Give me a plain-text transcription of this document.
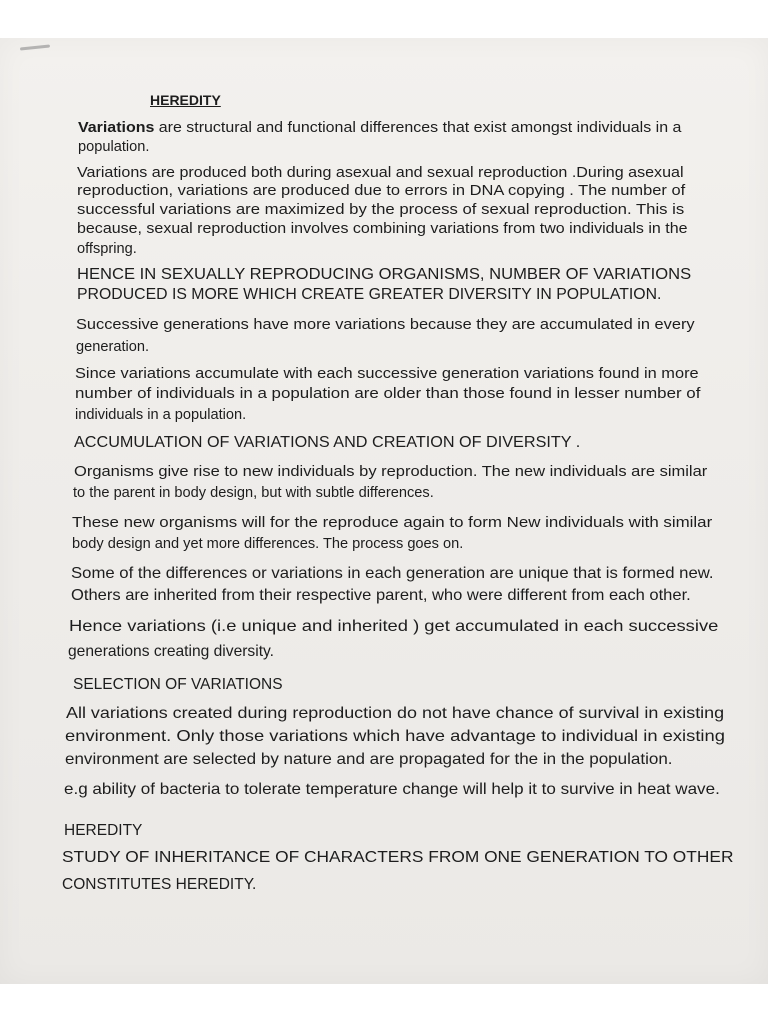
HEREDITY
Variations are structural and functional differences that exist amongst individuals in a
population.
Variations are produced both during asexual and sexual reproduction .During asexual
reproduction, variations are produced due to errors in DNA copying . The number of
successful variations are maximized by the process of sexual reproduction. This is
because, sexual reproduction involves combining variations from two individuals in the
offspring.
HENCE IN SEXUALLY REPRODUCING ORGANISMS, NUMBER OF VARIATIONS
PRODUCED IS MORE WHICH CREATE GREATER DIVERSITY IN POPULATION.
Successive generations have more variations because they are accumulated in every
generation.
Since variations accumulate with each successive generation variations found in more
number of individuals in a population are older than those found in lesser number of
individuals in a population.
ACCUMULATION OF VARIATIONS AND CREATION OF DIVERSITY .
Organisms give rise to new individuals by reproduction. The new individuals are similar
to the parent in body design, but with subtle differences.
These new organisms will for the reproduce again to form New individuals with similar
body design and yet more differences. The process goes on.
Some of the differences or variations in each generation are unique that is formed new.
Others are inherited from their respective parent, who were different from each other.
Hence variations (i.e unique and inherited ) get accumulated in each successive
generations creating diversity.
SELECTION OF VARIATIONS
All variations created during reproduction do not have chance of survival in existing
environment. Only those variations which have advantage to individual in existing
environment are selected by nature and are propagated for the in the population.
e.g ability of bacteria to tolerate temperature change will help it to survive in heat wave.
HEREDITY
STUDY OF INHERITANCE OF CHARACTERS FROM ONE GENERATION TO OTHER
CONSTITUTES HEREDITY.
